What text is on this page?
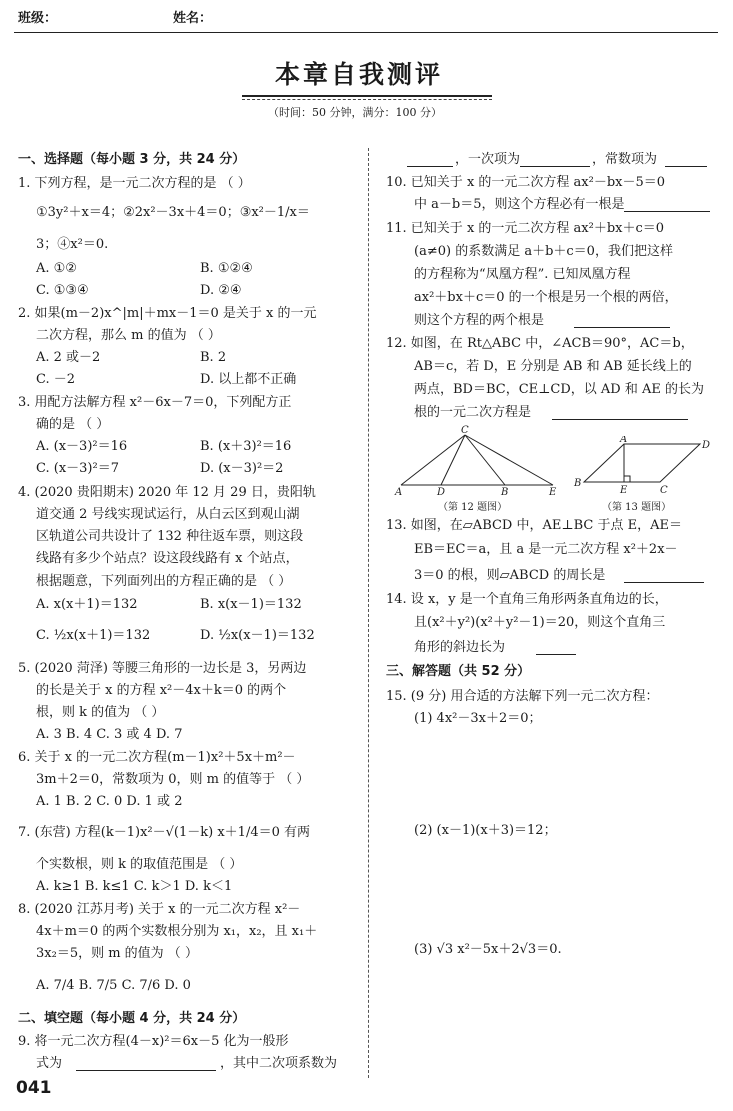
班级：	姓名：
本章自我测评
（时间：50 分钟，满分：100 分）
一、选择题（每小题 3 分，共 24 分）
1. 下列方程，是一元二次方程的是 （ ）
①3y²＋x＝4；②2x²－3x＋4＝0；③x²－1/x＝
3；④x²＝0.
A. ①②	B. ①②④
C. ①③④	D. ②④
2. 如果(m－2)x^|m|＋mx－1＝0 是关于 x 的一元
二次方程，那么 m 的值为 （ ）
A. 2 或－2	B. 2
C. －2	D. 以上都不正确
3. 用配方法解方程 x²－6x－7＝0，下列配方正
确的是 （ ）
A. (x－3)²＝16	B. (x＋3)²＝16
C. (x－3)²＝7	D. (x－3)²＝2
4. (2020 贵阳期末) 2020 年 12 月 29 日，贵阳轨
道交通 2 号线实现试运行，从白云区到观山湖
区轨道公司共设计了 132 种往返车票，则这段
线路有多少个站点？设这段线路有 x 个站点，
根据题意，下列面列出的方程正确的是 （ ）
A. x(x＋1)＝132	B. x(x－1)＝132
C. ½x(x＋1)＝132	D. ½x(x－1)＝132
5. (2020 菏泽) 等腰三角形的一边长是 3，另两边
的长是关于 x 的方程 x²－4x＋k＝0 的两个
根，则 k 的值为 （ ）
A. 3 B. 4 C. 3 或 4 D. 7
6. 关于 x 的一元二次方程(m－1)x²＋5x＋m²－
3m＋2＝0，常数项为 0，则 m 的值等于 （ ）
A. 1 B. 2 C. 0 D. 1 或 2
7. (东营) 方程(k－1)x²－√(1－k) x＋1/4＝0 有两
个实数根，则 k 的取值范围是 （ ）
A. k≥1 B. k≤1 C. k＞1 D. k＜1
8. (2020 江苏月考) 关于 x 的一元二次方程 x²－
4x＋m＝0 的两个实数根分别为 x₁，x₂，且 x₁＋
3x₂＝5，则 m 的值为 （ ）
A. 7/4 B. 7/5 C. 7/6 D. 0
二、填空题（每小题 4 分，共 24 分）
9. 将一元二次方程(4－x)²＝6x－5 化为一般形
式为	，其中二次项系数为
041
，一次项为	，常数项为
10. 已知关于 x 的一元二次方程 ax²－bx－5＝0
中 a－b＝5，则这个方程必有一根是
11. 已知关于 x 的一元二次方程 ax²＋bx＋c＝0
(a≠0) 的系数满足 a＋b＋c＝0，我们把这样
的方程称为“凤凰方程”. 已知凤凰方程
ax²＋bx＋c＝0 的一个根是另一个根的两倍，
则这个方程的两个根是
12. 如图，在 Rt△ABC 中，∠ACB＝90°，AC＝b，
AB＝c，若 D，E 分别是 AB 和 AB 延长线上的
两点，BD＝BC，CE⊥CD，以 AD 和 AE 的长为
根的一元二次方程是
C
A	D	B	E
（第 12 题图）
A
D
B
E	C
（第 13 题图）
13. 如图，在▱ABCD 中，AE⊥BC 于点 E，AE＝
EB＝EC＝a，且 a 是一元二次方程 x²＋2x－
3＝0 的根，则▱ABCD 的周长是
14. 设 x，y 是一个直角三角形两条直角边的长，
且(x²＋y²)(x²＋y²－1)＝20，则这个直角三
角形的斜边长为
三、解答题（共 52 分）
15. (9 分) 用合适的方法解下列一元二次方程：
(1) 4x²－3x＋2＝0；
(2) (x－1)(x＋3)＝12；
(3) √3 x²－5x＋2√3＝0.
